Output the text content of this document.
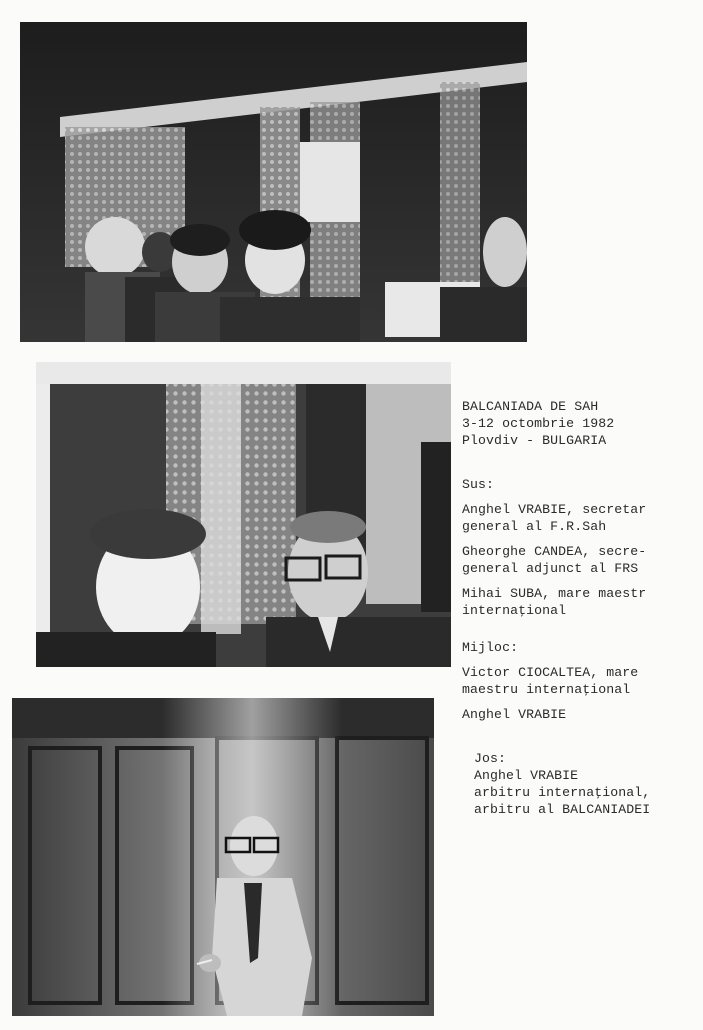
BALCANIADA DE SAH

3-12 octombrie 1982

Plovdiv - BULGARIA

Sus:

Anghel VRABIE, secretar

general al F.R.Sah

Gheorghe CANDEA, secre-

general adjunct al FRS

Mihai SUBA, mare maestr

internaţional

Mijloc:

Victor CIOCALTEA, mare

maestru internaţional

Anghel VRABIE

Jos:

Anghel VRABIE

arbitru internaţional,

arbitru al BALCANIADEI
